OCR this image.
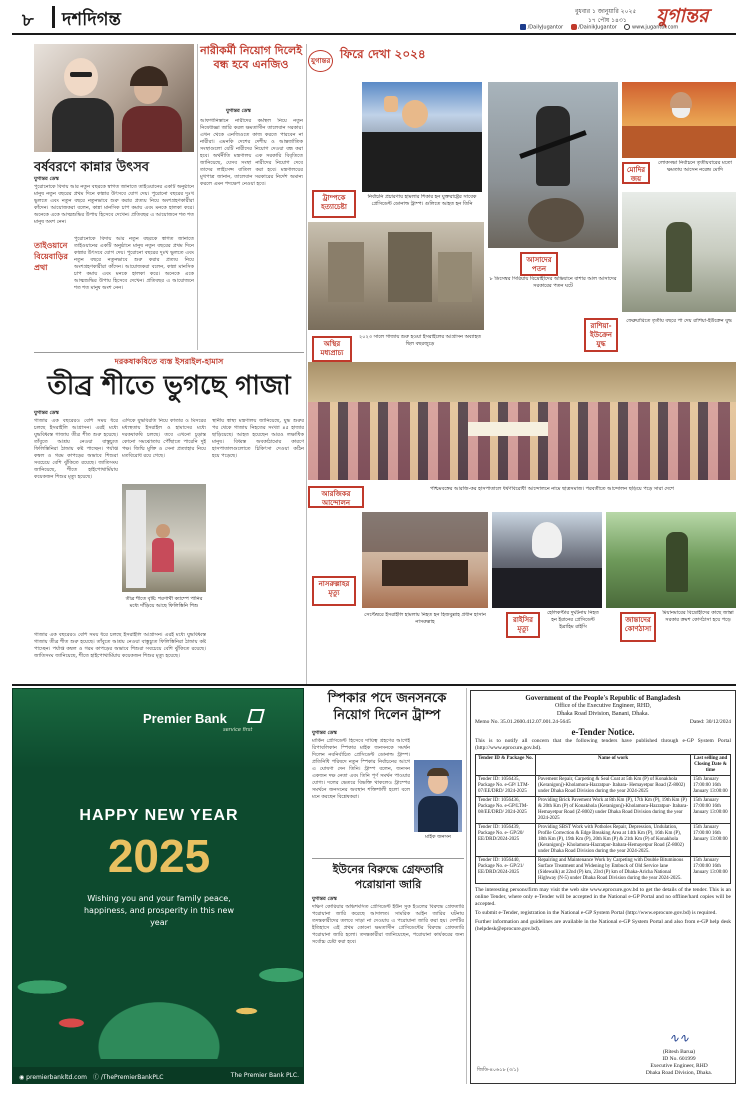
৮ দশদিগন্ত	বুধবার ১ জানুয়ারি ২০২৫
১৭ পৌষ ১৪৩১ যুগান্তর
/DailyJugantor	/DainikJugantor	www.jugantor.com
নারীকর্মী নিয়োগ দিলেই বন্ধ হবে এনজিও
যুগান্তর ডেস্ক
আফগানিস্তানে নারীদের কর্মস্থল নিয়ে নতুন নিষেধাজ্ঞা জারি করল ক্ষমতাসীন তালেবান সরকার। এখন থেকে এনজিওতে কাজ করতে পারবেন না নারীরা। এমনকি দেশের দেশীয় ও আন্তর্জাতিক সংস্থাগুলো যেটি নারীদের নিয়োগ দেওয়া বন্ধ করা হবে। অর্থনীতি মন্ত্রণালয় এক সরকারি বিবৃতিতে জানিয়েছে, যেসব সংস্থা নারীদের নিয়োগ দেবে তাদের লাইসেন্স বাতিল করা হবে। মন্ত্রণালয়ের মুখপাত্র জানান, তালেবান সরকারের নির্দেশ অমান্য করলে এমন পদক্ষেপ নেওয়া হবে।
বর্ষবরণে কান্নার উৎসব
যুগান্তর ডেস্ক
পুরোনোকে বিদায় আর নতুন বছরকে স্বাগত জানাতে তাইওয়ানের একটি অনুষ্ঠানে মানুষ নতুন বছরের প্রথম দিনে কান্নার উৎসবে যোগ দেয়। পুরোনো বছরের দুঃখ ভুলতে এবং নতুন বছরে নতুনভাবে শুরু করার প্রত্যয় নিয়ে অংশগ্রহণকারীরা কাঁদেন। আয়োজকরা বলেন, কান্না মানসিক চাপ কমায় এবং মনকে হালকা করে। অনেকে একে আত্মশুদ্ধির উপায় হিসেবে দেখেন। প্রতিবছর এ আয়োজনে শত শত মানুষ অংশ নেন।
তাইওয়ানে বিয়েবাড়ির প্রথা
পুরোনোকে বিদায় আর নতুন বছরকে স্বাগত জানাতে তাইওয়ানের একটি অনুষ্ঠানে মানুষ নতুন বছরের প্রথম দিনে কান্নার উৎসবে যোগ দেয়। পুরোনো বছরের দুঃখ ভুলতে এবং নতুন বছরে নতুনভাবে শুরু করার প্রত্যয় নিয়ে অংশগ্রহণকারীরা কাঁদেন। আয়োজকরা বলেন, কান্না মানসিক চাপ কমায় এবং মনকে হালকা করে। অনেকে একে আত্মশুদ্ধির উপায় হিসেবে দেখেন। প্রতিবছর এ আয়োজনে শত শত মানুষ অংশ নেন।
দরকষাকষিতে ব্যস্ত ইসরাইল-হামাস
তীব্র শীতে ভুগছে গাজা
যুগান্তর ডেস্ক
গাজার এক বছরেরও বেশি সময় ধরে চলছে ইসরাইলি আগ্রাসন। এরই মধ্যে যুদ্ধবিধ্বস্ত গাজায় তীব্র শীত শুরু হয়েছে। তাঁবুতে আশ্রয় নেওয়া বাস্তুচ্যুত ফিলিস্তিনিরা ঠান্ডায় কষ্ট পাচ্ছেন। পর্যাপ্ত কম্বল ও গরম কাপড়ের অভাবে শিশুরা সবচেয়ে বেশি ঝুঁকিতে রয়েছে। জাতিসংঘ জানিয়েছে, শীতে হাইপোথার্মিয়ায় কয়েকজন শিশুর মৃত্যু হয়েছে।
তীব্র শীতে বৃষ্টি: শরণার্থী ক্যাম্পে পানির মধ্যে দাঁড়িয়ে আছে ফিলিস্তিনি শিশু
এদিকে যুদ্ধবিরতি নিয়ে কাতার ও মিসরের মধ্যস্থতায় ইসরাইল ও হামাসের মধ্যে দরকষাকষি চলছে। তবে এখনো চূড়ান্ত কোনো সমঝোতায় পৌঁছাতে পারেনি দুই পক্ষ। জিম্মি মুক্তি ও সেনা প্রত্যাহার নিয়ে মতবিরোধ রয়ে গেছে।
স্থানীয় স্বাস্থ্য মন্ত্রণালয় জানিয়েছে, যুদ্ধ শুরুর পর থেকে গাজায় নিহতের সংখ্যা ৪৫ হাজার ছাড়িয়েছে। আহত হয়েছেন আরও লক্ষাধিক মানুষ। বিধ্বস্ত অবকাঠামোর কারণে হাসপাতালগুলোতে চিকিৎসা দেওয়া কঠিন হয়ে পড়েছে।
গাজার এক বছরেরও বেশি সময় ধরে চলছে ইসরাইলি আগ্রাসন। এরই মধ্যে যুদ্ধবিধ্বস্ত গাজায় তীব্র শীত শুরু হয়েছে। তাঁবুতে আশ্রয় নেওয়া বাস্তুচ্যুত ফিলিস্তিনিরা ঠান্ডায় কষ্ট পাচ্ছেন। পর্যাপ্ত কম্বল ও গরম কাপড়ের অভাবে শিশুরা সবচেয়ে বেশি ঝুঁকিতে রয়েছে। জাতিসংঘ জানিয়েছে, শীতে হাইপোথার্মিয়ায় কয়েকজন শিশুর মৃত্যু হয়েছে।
যুগান্তর ফিরে দেখা ২০২৪
ট্রাম্পকে হত্যাচেষ্টা
নির্বাচনি প্রচারণায় হামলার শিকার হন যুক্তরাষ্ট্রের সাবেক প্রেসিডেন্ট ডোনাল্ড ট্রাম্প। গুলিতে আহত হন তিনি
আসাদের পতন
৮ ডিসেম্বর সিরিয়ায় বিদ্রোহীদের অভিযানে বাশার আল আসাদের সরকারের পতন ঘটে
মোদির জয়
লোকসভা নির্বাচনে তৃতীয়বারের মতো ক্ষমতায় আসেন নরেন্দ্র মোদি
অস্থির মধ্যপ্রাচ্য
২০২৩ সালে গাজায় শুরু হওয়া ইসরাইলের আগ্রাসন অব্যাহত ছিল বছরজুড়ে
রাশিয়া-ইউক্রেন যুদ্ধ
ফেব্রুয়ারিতে তৃতীয় বছরে পা দেয় রাশিয়া-ইউক্রেন যুদ্ধ
আরজিকর আন্দোলন
পশ্চিমবঙ্গের আরজি-কর হাসপাতালে ধর্ষণবিরোধী আন্দোলনে নামে ছাত্রসমাজ। পরবর্তীতে আন্দোলন ছড়িয়ে পড়ে সারা দেশে
নাসরুল্লাহর মৃত্যু
সেপ্টেম্বরে ইসরাইলি হামলায় নিহত হন হিজবুল্লাহ প্রধান হাসান নাসরুল্লাহ	রাইসির মৃত্যু
হেলিকপ্টার দুর্ঘটনায় নিহত হন ইরানের প্রেসিডেন্ট ইব্রাহিম রাইসি
জান্তাদের কোণঠাসা
মিয়ানমারের বিদ্রোহীদের কাছে জান্তা সরকার ক্রমশ কোণঠাসা হয়ে পড়ে
Premier Bank
service first
HAPPY NEW YEAR
2025
Wishing you and your family peace, happiness, and prosperity in this new year
◉ premierbankltd.com ⓕ /ThePremierBankPLC	The Premier Bank PLC.
স্পিকার পদে জনসনকে নিয়োগ দিলেন ট্রাম্প
যুগান্তর ডেস্ক
মার্কিন প্রেসিডেন্ট হিসেবে দায়িত্ব গ্রহণের আগেই রিপাবলিকান স্পিকার মাইক জনসনকে সমর্থন দিলেন নবনির্বাচিত প্রেসিডেন্ট ডোনাল্ড ট্রাম্প। প্রতিনিধি পরিষদে নতুন স্পিকার নির্বাচনের আগে এ ঘোষণা দেন তিনি। ট্রাম্প বলেন, জনসন একজন দক্ষ নেতা এবং তিনি পূর্ণ সমর্থন পাওয়ার যোগ্য। দলের ভেতরে বিভক্তি থাকলেও ট্রাম্পের সমর্থনে জনসনের অবস্থান শক্তিশালী হলো বলে মনে করছেন বিশ্লেষকরা।
মাইক জনসন
ইউনের বিরুদ্ধে গ্রেফতারি পরোয়ানা জারি
যুগান্তর ডেস্ক
দক্ষিণ কোরিয়ার অভিশংসিত প্রেসিডেন্ট ইউন সুক ইওলের বিরুদ্ধে গ্রেফতারি পরোয়ানা জারি করেছে আদালত। সামরিক আইন জারির ঘটনায় তদন্তকারীদের তলবে সাড়া না দেওয়ায় এ পরোয়ানা জারি করা হয়। দেশটির ইতিহাসে এই প্রথম কোনো ক্ষমতাসীন প্রেসিডেন্টের বিরুদ্ধে গ্রেফতারি পরোয়ানা জারি হলো। তদন্তকারীরা জানিয়েছেন, পরোয়ানা কার্যকরের জন্য সর্বোচ্চ চেষ্টা করা হবে।
Government of the People's Republic of Bangladesh
Office of the Executive Engineer, RHD,
Dhaka Road Division, Banani, Dhaka.
Memo No. 35.01.2600.412.07.001.24-5645	Dated: 30/12/2024
e-Tender Notice.
This is to notify all concern that the following tenders have published through e-GP System Portal (http://www.eprocure.gov.bd).
Tender ID & Package No.	Name of work	Last selling and Closing Date & time
Tender ID: 1056435, Package No. e-GP/ LTM-07/EE/DRD/ 2024-2025	Pavement Repair, Carpeting & Seal Coat at 5th Km (P) of Konakhola (Keranigonj)-Kholamora-Hazratpur- Itabara- Hemayetpur Road (Z-8002) under Dhaka Road Division during the year 2024-2025	15th January 17:00:00 16th January 13:00:00
Tender ID: 1056436, Package No. e-GP/LTM-08/EE/DRD/ 2024-2025	Providing Brick Pavement Work at 8th Km (P), 17th Km (P), 19th Km (P) & 20th Km (P) of Konakhola (Keranigonj)-Kholamora-Hazratpur- Itabara-Hemayetpur Road (Z-8002) under Dhaka Road Division during the year 2024-2025	15th January 17:00:00 16th January 13:00:00
Tender ID: 1056439, Package No. e- GP/20/ EE/DRD/2024-2025	Providing SBST Work with Potholes Repair, Depression, Undulation, Profile Correction & Edge Breaking Area at 14th Km (P), 16th Km (P), 18th Km (P), 19th Km (P), 20th Km (P) & 21th Km (P) of Konakhola (Keranigonj)- Kholamora-Hazratpur-Itabara-Hemayetpur Road (Z-8002) under Dhaka Road Division during the year 2024-2025.	15th January 17:00:00 16th January 13:00:00
Tender ID: 1056440, Package No. e- GP/21/ EE/DRD/2024-2025	Repairing and Maintenance Work by Carpeting with Double Bituminous Surface Treatment and Widening by Embuck of Old Service lane (Sidewalk) at 22nd (P) km, 23rd (P) km of Dhaka-Aricha National Highway (N-5) under Dhaka Road Division during the year 2024-2025.	15th January 17:00:00 16th January 13:00:00
The interesting persons/firm may visit the web site www.eprocure.gov.bd to get the details of the tender. This is an online Tender, where only e-Tender will be accepted in the National e-GP Portal and no offline/hard copies will be accepted.
To submit e-Tender, registration in the National e-GP System Portal (http://www.eprocure.gov.bd) is required.
Further information and guidelines are available in the National e-GP System Portal and also from e-GP help desk (helpdesk@eprocure.gov.bd).
∿∿
(Ritesh Barua)
ID No. 601999
Executive Engineer, RHD
Dhaka Road Division, Dhaka.
জিডি-৪০৬১৮ (৩/১)
